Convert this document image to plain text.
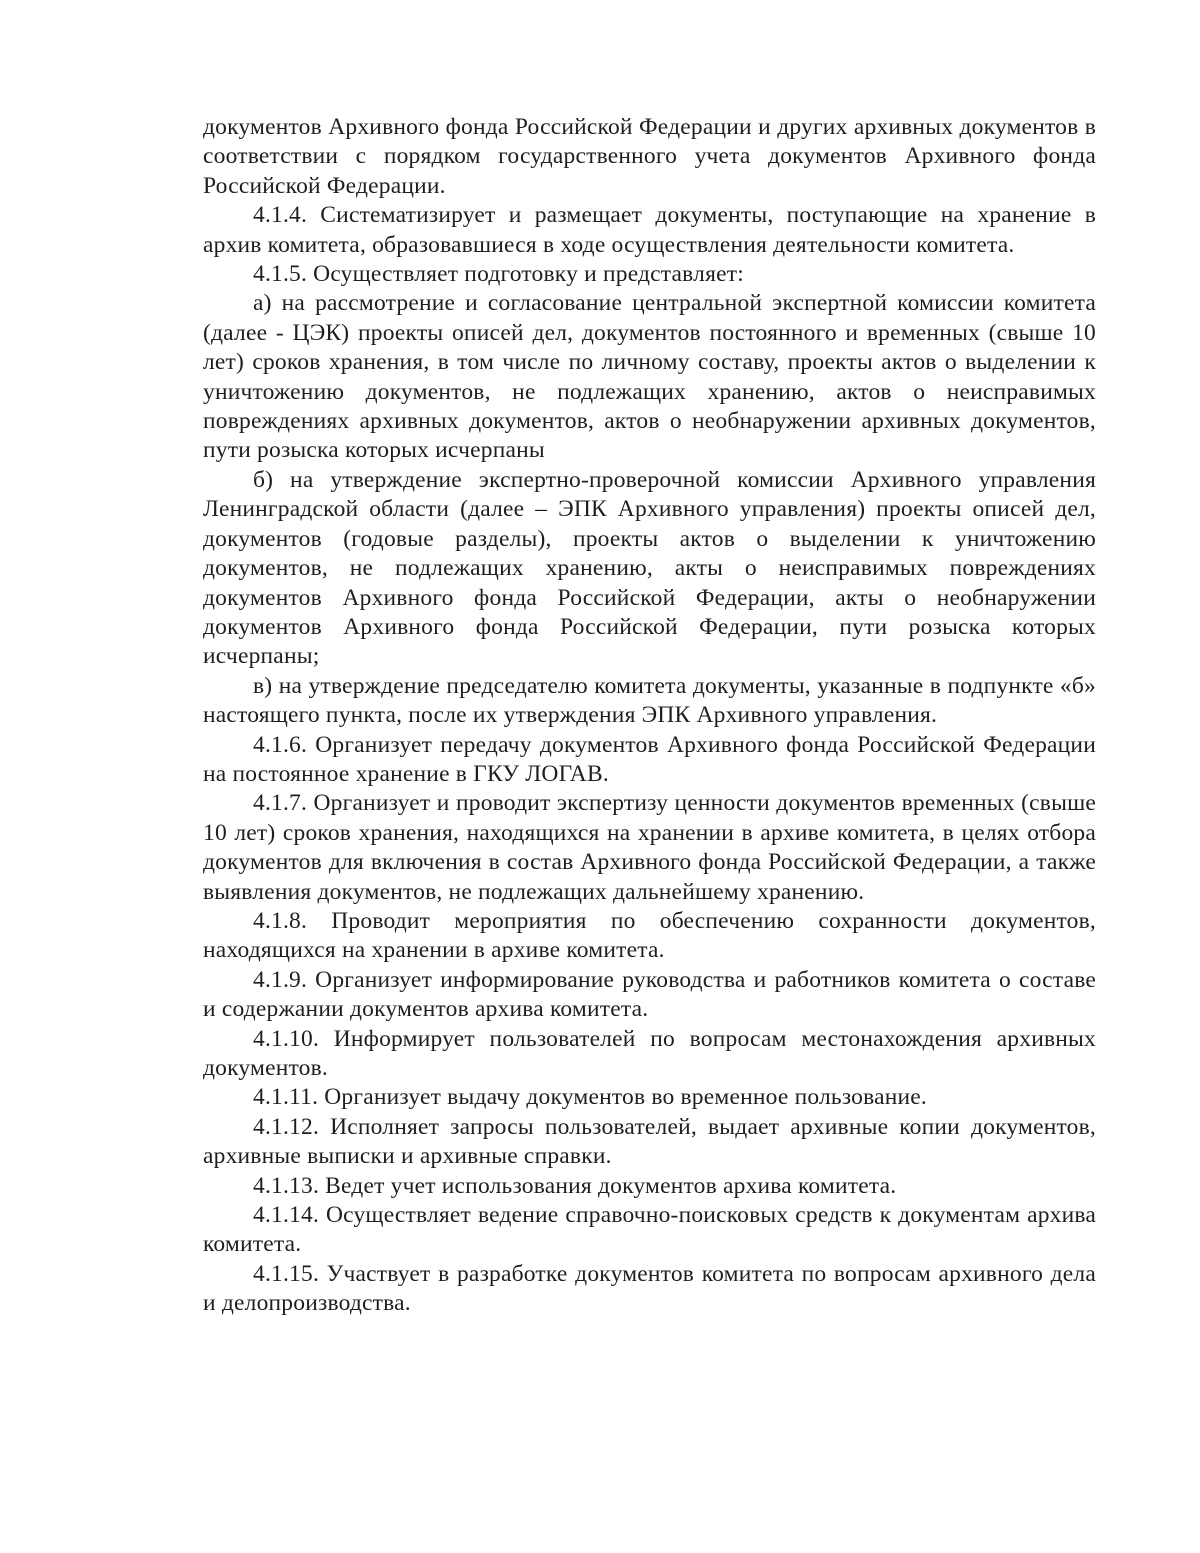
документов Архивного фонда Российской Федерации и других архивных документов в соответствии с порядком государственного учета документов Архивного фонда Российской Федерации.

4.1.4. Систематизирует и размещает документы, поступающие на хранение в архив комитета, образовавшиеся в ходе осуществления деятельности комитета.

4.1.5. Осуществляет подготовку и представляет:

а) на рассмотрение и согласование центральной экспертной комиссии комитета (далее - ЦЭК) проекты описей дел, документов постоянного и временных (свыше 10 лет) сроков хранения, в том числе по личному составу, проекты актов о выделении к уничтожению документов, не подлежащих хранению, актов о неисправимых повреждениях архивных документов, актов о необнаружении архивных документов, пути розыска которых исчерпаны

б) на утверждение экспертно-проверочной комиссии Архивного управления Ленинградской области (далее – ЭПК Архивного управления) проекты описей дел, документов (годовые разделы), проекты актов о выделении к уничтожению документов, не подлежащих хранению, акты о неисправимых повреждениях документов Архивного фонда Российской Федерации, акты о необнаружении документов Архивного фонда Российской Федерации, пути розыска которых исчерпаны;

в) на утверждение председателю комитета документы, указанные в подпункте «б» настоящего пункта, после их утверждения ЭПК Архивного управления.

4.1.6. Организует передачу документов Архивного фонда Российской Федерации на постоянное хранение в ГКУ ЛОГАВ.

4.1.7. Организует и проводит экспертизу ценности документов временных (свыше 10 лет) сроков хранения, находящихся на хранении в архиве комитета, в целях отбора документов для включения в состав Архивного фонда Российской Федерации, а также выявления документов, не подлежащих дальнейшему хранению.

4.1.8. Проводит мероприятия по обеспечению сохранности документов, находящихся на хранении в архиве комитета.

4.1.9. Организует информирование руководства и работников комитета о составе и содержании документов архива комитета.

4.1.10. Информирует пользователей по вопросам местонахождения архивных документов.

4.1.11. Организует выдачу документов во временное пользование.

4.1.12. Исполняет запросы пользователей, выдает архивные копии документов, архивные выписки и архивные справки.

4.1.13. Ведет учет использования документов архива комитета.

4.1.14. Осуществляет ведение справочно-поисковых средств к документам архива комитета.

4.1.15. Участвует в разработке документов комитета по вопросам архивного дела и делопроизводства.
